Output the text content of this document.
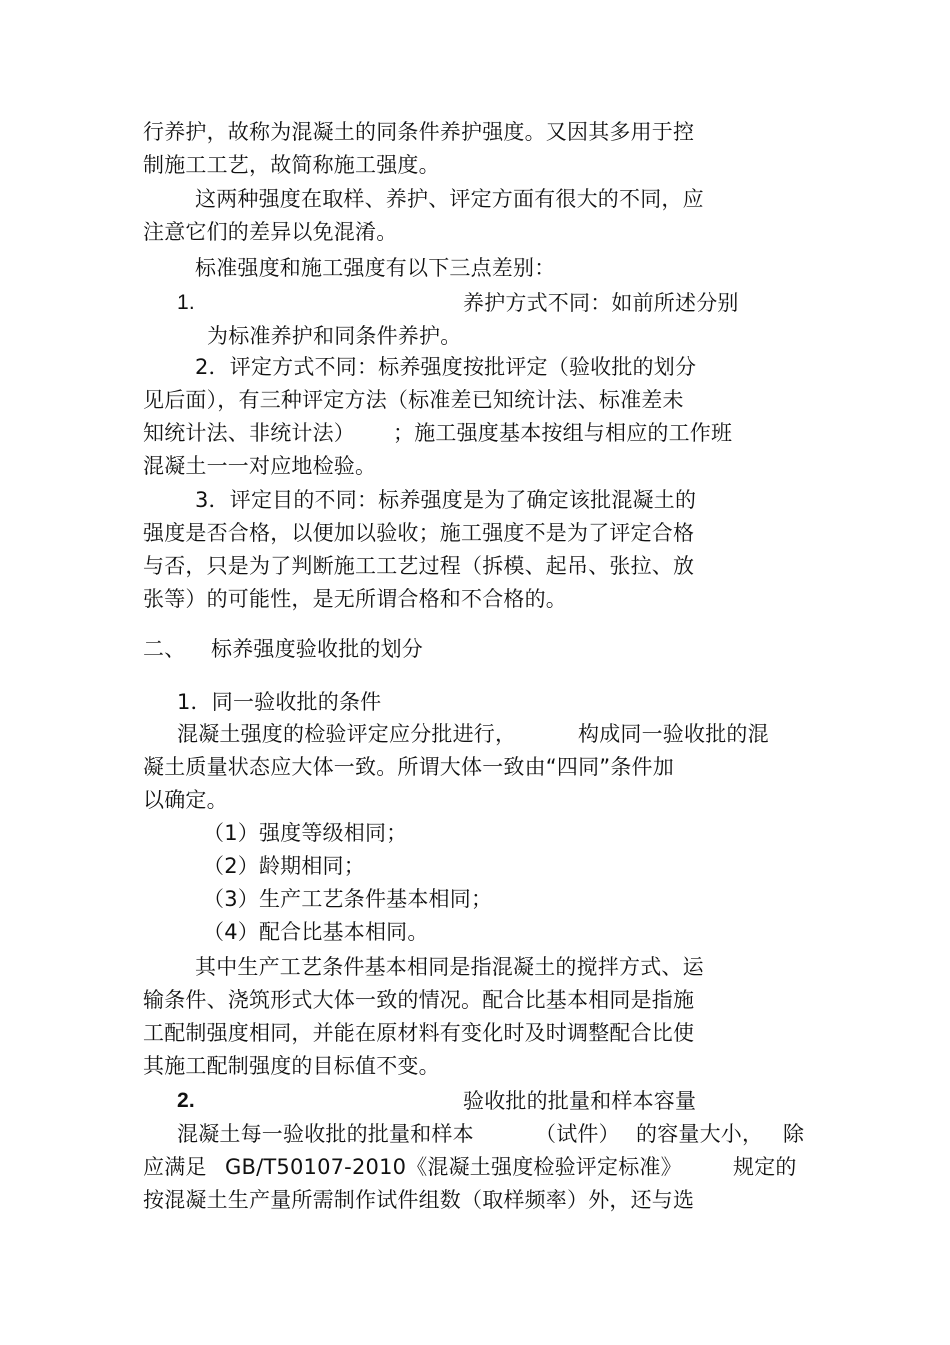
行养护，故称为混凝土的同条件养护强度。又因其多用于控
制施工工艺，故简称施工强度。
这两种强度在取样、养护、评定方面有很大的不同，应
注意它们的差异以免混淆。
标准强度和施工强度有以下三点差别：
1.	养护方式不同：如前所述分别
为标准养护和同条件养护。
2．评定方式不同：标养强度按批评定（验收批的划分
见后面），有三种评定方法（标准差已知统计法、标准差未
知统计法、非统计法） ；施工强度基本按组与相应的工作班
混凝土一一对应地检验。
3．评定目的不同：标养强度是为了确定该批混凝土的
强度是否合格，以便加以验收；施工强度不是为了评定合格
与否，只是为了判断施工工艺过程（拆模、起吊、张拉、放
张等）的可能性，是无所谓合格和不合格的。
二、 标养强度验收批的划分
1．同一验收批的条件
混凝土强度的检验评定应分批进行，	构成同一验收批的混
凝土质量状态应大体一致。所谓大体一致由“四同”条件加
以确定。
（1）强度等级相同；
（2）龄期相同；
（3）生产工艺条件基本相同；
（4）配合比基本相同。
其中生产工艺条件基本相同是指混凝土的搅拌方式、运
输条件、浇筑形式大体一致的情况。配合比基本相同是指施
工配制强度相同，并能在原材料有变化时及时调整配合比使
其施工配制强度的目标值不变。
2.	验收批的批量和样本容量
混凝土每一验收批的批量和样本	（试件） 的容量大小， 除
应满足 GB/T50107-2010《混凝土强度检验评定标准》 规定的
按混凝土生产量所需制作试件组数（取样频率）外，还与选
